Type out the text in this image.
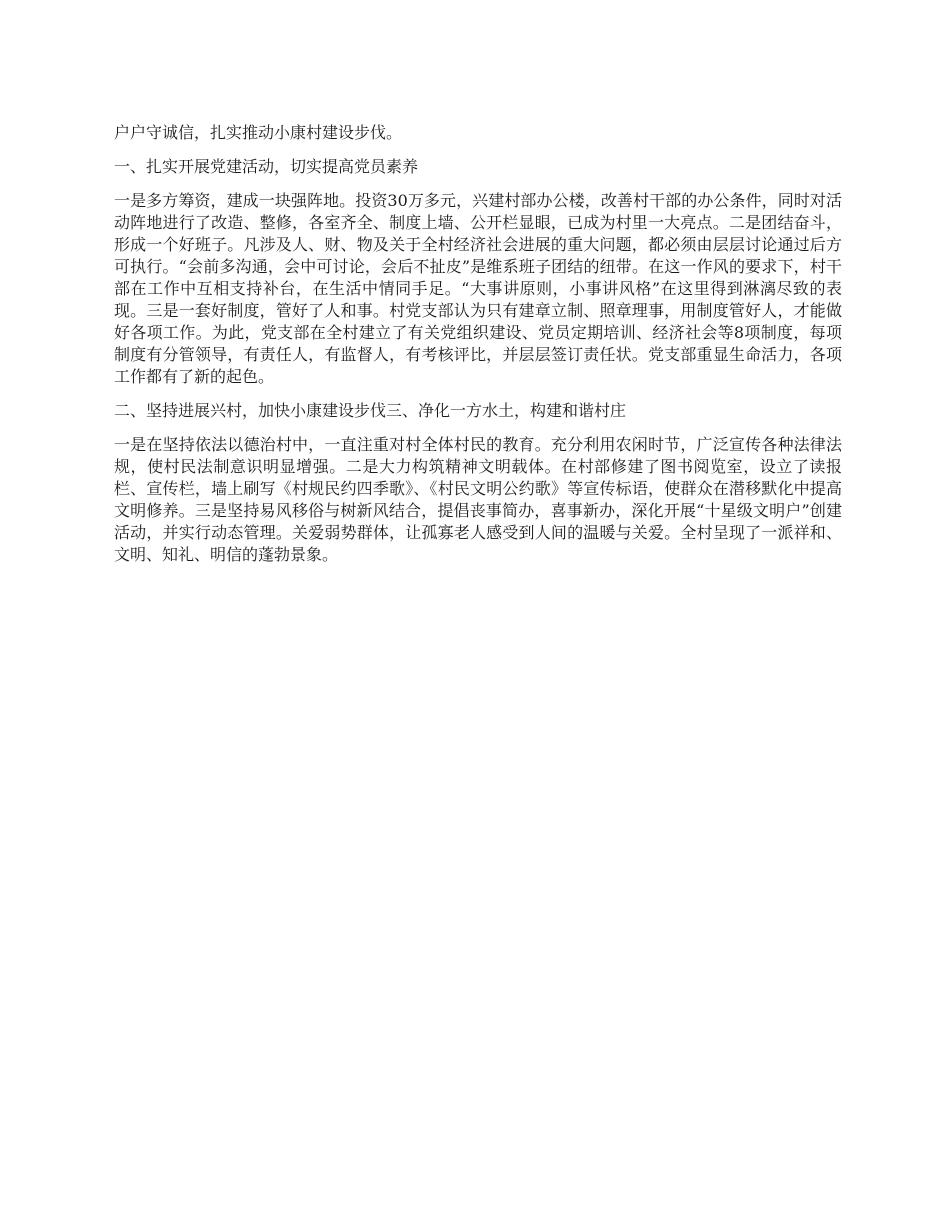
户户守诚信，扎实推动小康村建设步伐。

一、扎实开展党建活动，切实提高党员素养

一是多方筹资，建成一块强阵地。投资30万多元，兴建村部办公楼，改善村干部的办公条件，同时对活动阵地进行了改造、整修，各室齐全、制度上墙、公开栏显眼，已成为村里一大亮点。二是团结奋斗，形成一个好班子。凡涉及人、财、物及关于全村经济社会进展的重大问题，都必须由层层讨论通过后方可执行。“会前多沟通，会中可讨论，会后不扯皮”是维系班子团结的纽带。在这一作风的要求下，村干部在工作中互相支持补台，在生活中情同手足。“大事讲原则，小事讲风格”在这里得到淋漓尽致的表现。三是一套好制度，管好了人和事。村党支部认为只有建章立制、照章理事，用制度管好人，才能做好各项工作。为此，党支部在全村建立了有关党组织建设、党员定期培训、经济社会等8项制度，每项制度有分管领导，有责任人，有监督人，有考核评比，并层层签订责任状。党支部重显生命活力，各项工作都有了新的起色。

二、坚持进展兴村，加快小康建设步伐三、净化一方水土，构建和谐村庄

一是在坚持依法以德治村中，一直注重对村全体村民的教育。充分利用农闲时节，广泛宣传各种法律法规，使村民法制意识明显增强。二是大力构筑精神文明载体。在村部修建了图书阅览室，设立了读报栏、宣传栏，墙上刷写《村规民约四季歌》、《村民文明公约歌》等宣传标语，使群众在潜移默化中提高文明修养。三是坚持易风移俗与树新风结合，提倡丧事简办，喜事新办，深化开展“十星级文明户”创建活动，并实行动态管理。关爱弱势群体，让孤寡老人感受到人间的温暖与关爱。全村呈现了一派祥和、文明、知礼、明信的蓬勃景象。
